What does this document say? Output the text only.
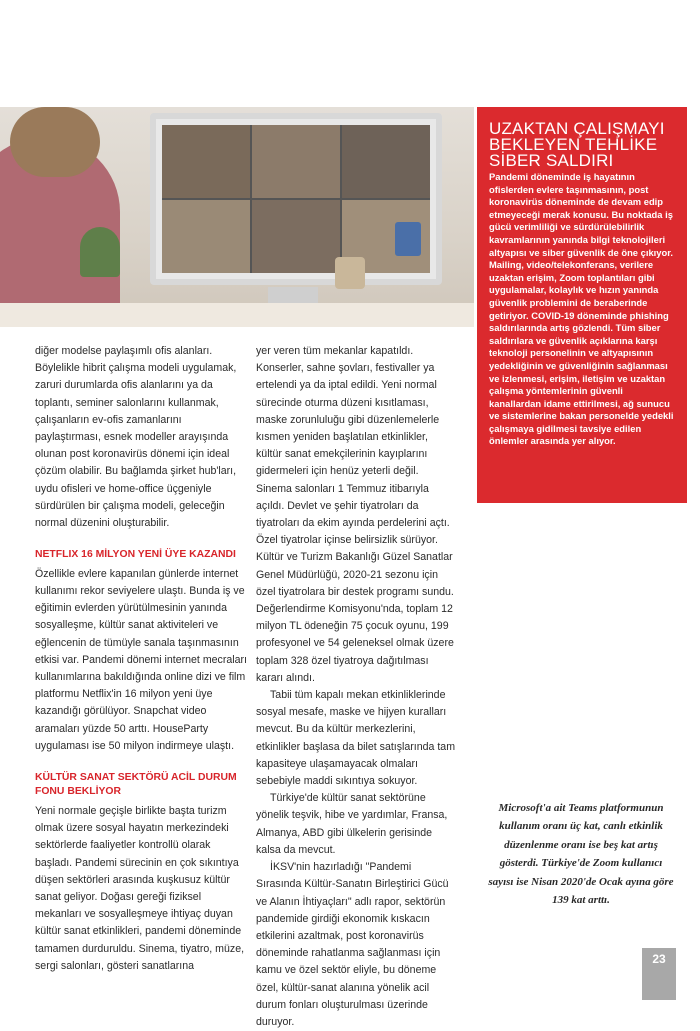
diğer modelse paylaşımlı ofis alanları. Böylelikle hibrit çalışma modeli uygulamak, zaruri durumlarda ofis alanlarını ya da toplantı, seminer salonlarını kullanmak, çalışanların ev-ofis zamanlarını paylaştırması, esnek modeller arayışında olunan post koronavirüs dönemi için ideal çözüm olabilir. Bu bağlamda şirket hub'ları, uydu ofisleri ve home-office üçgeniyle sürdürülen bir çalışma modeli, geleceğin normal düzenini oluşturabilir.

NETFLIX 16 MİLYON YENİ ÜYE KAZANDI

Özellikle evlere kapanılan günlerde internet kullanımı rekor seviyelere ulaştı. Bunda iş ve eğitimin evlerden yürütülmesinin yanında sosyalleşme, kültür sanat aktiviteleri ve eğlencenin de tümüyle sanala taşınmasının etkisi var. Pandemi dönemi internet mecraları kullanımlarına bakıldığında online dizi ve film platformu Netflix'in 16 milyon yeni üye kazandığı görülüyor. Snapchat video aramaları yüzde 50 arttı. HouseParty uygulaması ise 50 milyon indirmeye ulaştı.

KÜLTÜR SANAT SEKTÖRÜ ACİL DURUM FONU BEKLİYOR

Yeni normale geçişle birlikte başta turizm olmak üzere sosyal hayatın merkezindeki sektörlerde faaliyetler kontrollü olarak başladı. Pandemi sürecinin en çok sıkıntıya düşen sektörleri arasında kuşkusuz kültür sanat geliyor. Doğası gereği fiziksel mekanları ve sosyalleşmeye ihtiyaç duyan kültür sanat etkinlikleri, pandemi döneminde tamamen durduruldu. Sinema, tiyatro, müze, sergi salonları, gösteri sanatlarına

yer veren tüm mekanlar kapatıldı. Konserler, sahne şovları, festivaller ya ertelendi ya da iptal edildi. Yeni normal sürecinde oturma düzeni kısıtlaması, maske zorunluluğu gibi düzenlemelerle kısmen yeniden başlatılan etkinlikler, kültür sanat emekçilerinin kayıplarını gidermeleri için henüz yeterli değil. Sinema salonları 1 Temmuz itibarıyla açıldı. Devlet ve şehir tiyatroları da tiyatroları da ekim ayında perdelerini açtı. Özel tiyatrolar içinse belirsizlik sürüyor. Kültür ve Turizm Bakanlığı Güzel Sanatlar Genel Müdürlüğü, 2020-21 sezonu için özel tiyatrolara bir destek programı sundu. Değerlendirme Komisyonu'nda, toplam 12 milyon TL ödeneğin 75 çocuk oyunu, 199 profesyonel ve 54 geleneksel olmak üzere toplam 328 özel tiyatroya dağıtılması kararı alındı.

Tabii tüm kapalı mekan etkinliklerinde sosyal mesafe, maske ve hijyen kuralları mevcut. Bu da kültür merkezlerini, etkinlikler başlasa da bilet satışlarında tam kapasiteye ulaşamayacak olmaları sebebiyle maddi sıkıntıya sokuyor.

Türkiye'de kültür sanat sektörüne yönelik teşvik, hibe ve yardımlar, Fransa, Almanya, ABD gibi ülkelerin gerisinde kalsa da mevcut.

İKSV'nin hazırladığı "Pandemi Sırasında Kültür-Sanatın Birleştirici Gücü ve Alanın İhtiyaçları" adlı rapor, sektörün pandemide girdiği ekonomik kıskacın etkilerini azaltmak, post koronavirüs döneminde rahatlanma sağlanması için kamu ve özel sektör eliyle, bu döneme özel, kültür-sanat alanına yönelik acil durum fonları oluşturulması üzerinde duruyor.

UZAKTAN ÇALIŞMAYI BEKLEYEN TEHLİKE SİBER SALDIRI
Pandemi döneminde iş hayatının ofislerden evlere taşınmasının, post koronavirüs döneminde de devam edip etmeyeceği merak konusu. Bu noktada iş gücü verimliliği ve sürdürülebilirlik kavramlarının yanında bilgi teknolojileri altyapısı ve siber güvenlik de öne çıkıyor. Mailing, video/telekonferans, verilere uzaktan erişim, Zoom toplantıları gibi uygulamalar, kolaylık ve hızın yanında güvenlik problemini de beraberinde getiriyor. COVID-19 döneminde phishing saldırılarında artış gözlendi. Tüm siber saldırılara ve güvenlik açıklarına karşı teknoloji personelinin ve altyapısının yedekliğinin ve güvenliğinin sağlanması ve izlenmesi, erişim, iletişim ve uzaktan çalışma yöntemlerinin güvenli kanallardan idame ettirilmesi, ağ sunucu ve sistemlerine bakan personelde yedekli çalışmaya gidilmesi tavsiye edilen önlemler arasında yer alıyor.
Microsoft'a ait Teams platformunun kullanım oranı üç kat, canlı etkinlik düzenlenme oranı ise beş kat artış gösterdi. Türkiye'de Zoom kullanıcı sayısı ise Nisan 2020'de Ocak ayına göre 139 kat arttı.
23
